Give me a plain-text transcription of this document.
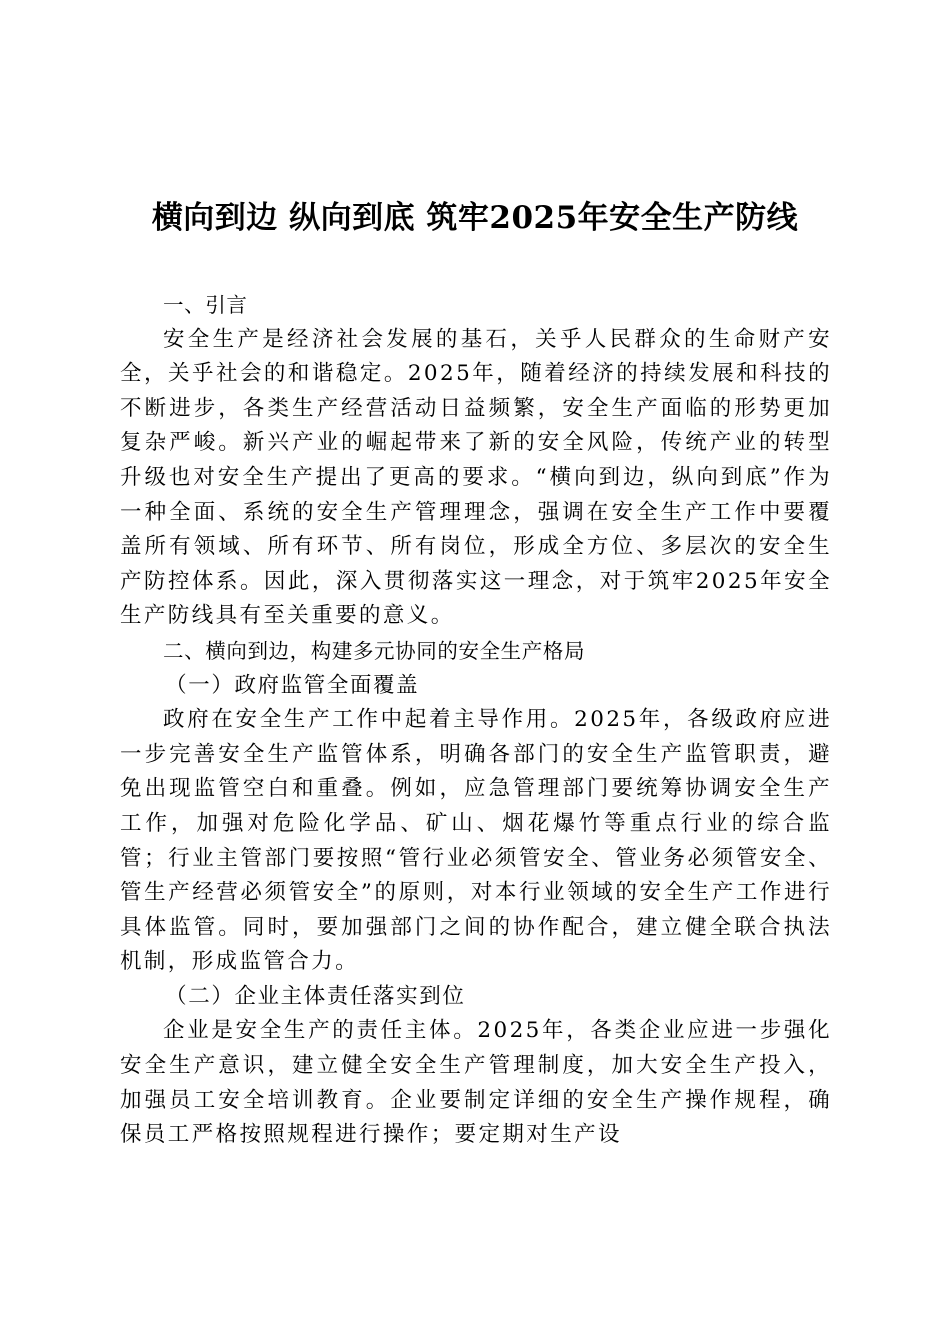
横向到边 纵向到底 筑牢2025年安全生产防线

一、引言

安全生产是经济社会发展的基石，关乎人民群众的生命财产安全，关乎社会的和谐稳定。2025年，随着经济的持续发展和科技的不断进步，各类生产经营活动日益频繁，安全生产面临的形势更加复杂严峻。新兴产业的崛起带来了新的安全风险，传统产业的转型升级也对安全生产提出了更高的要求。“横向到边，纵向到底”作为一种全面、系统的安全生产管理理念，强调在安全生产工作中要覆盖所有领域、所有环节、所有岗位，形成全方位、多层次的安全生产防控体系。因此，深入贯彻落实这一理念，对于筑牢2025年安全生产防线具有至关重要的意义。

二、横向到边，构建多元协同的安全生产格局

（一）政府监管全面覆盖

政府在安全生产工作中起着主导作用。2025年，各级政府应进一步完善安全生产监管体系，明确各部门的安全生产监管职责，避免出现监管空白和重叠。例如，应急管理部门要统筹协调安全生产工作，加强对危险化学品、矿山、烟花爆竹等重点行业的综合监管；行业主管部门要按照“管行业必须管安全、管业务必须管安全、管生产经营必须管安全”的原则，对本行业领域的安全生产工作进行具体监管。同时，要加强部门之间的协作配合，建立健全联合执法机制，形成监管合力。

（二）企业主体责任落实到位

企业是安全生产的责任主体。2025年，各类企业应进一步强化安全生产意识，建立健全安全生产管理制度，加大安全生产投入，加强员工安全培训教育。企业要制定详细的安全生产操作规程，确保员工严格按照规程进行操作；要定期对生产设
